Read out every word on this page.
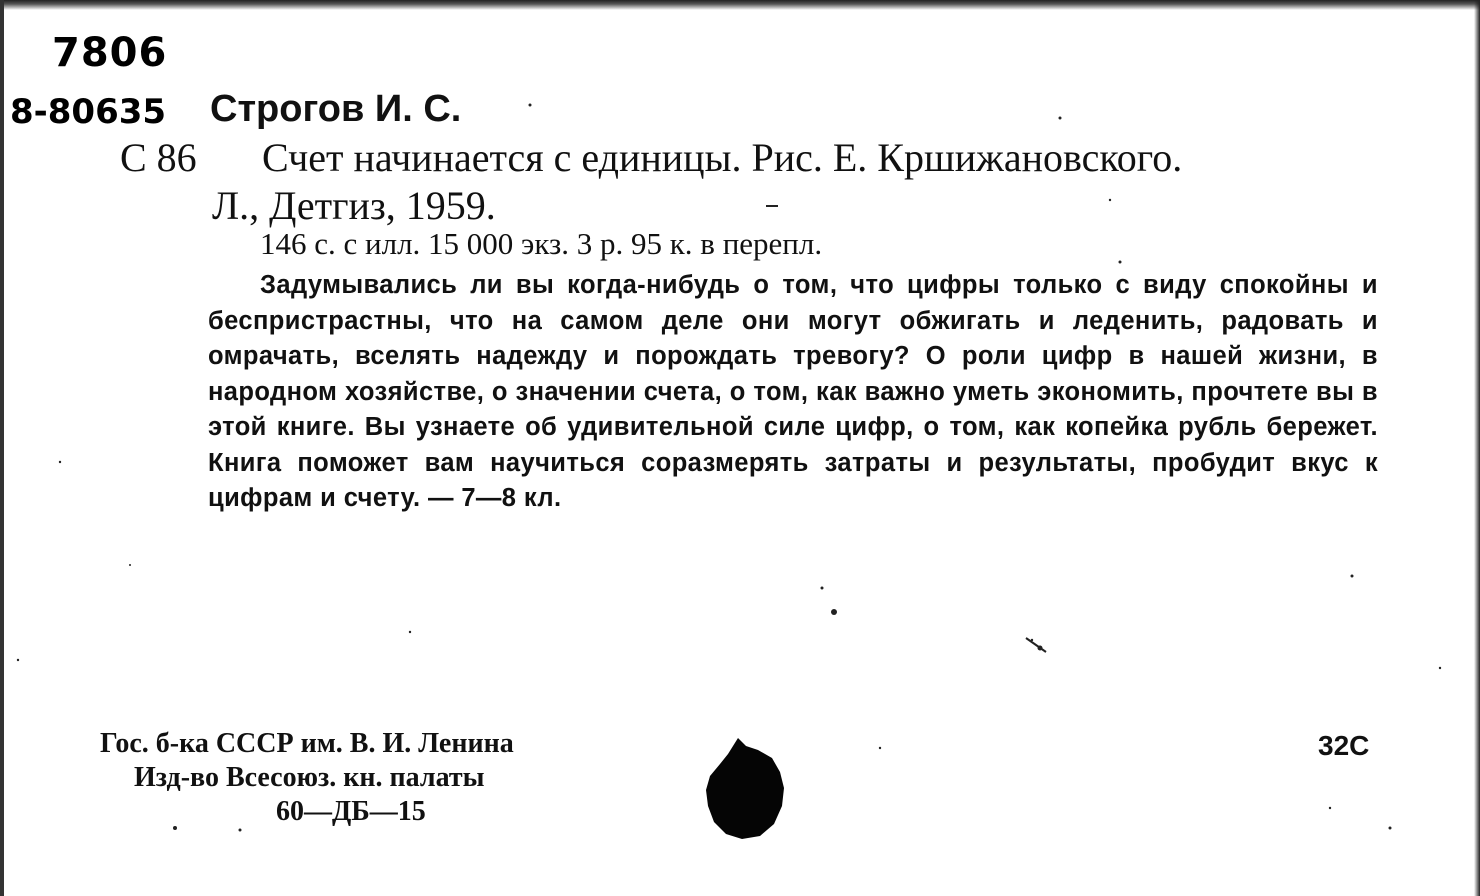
7806
8-80635 Строгов И. С.
С 86 Счет начинается с единицы. Рис. Е. Кршижановского.
Л., Детгиз, 1959.
146 с. с илл. 15 000 экз. 3 р. 95 к. в перепл.
Задумывались ли вы когда-нибудь о том, что цифры только с виду спокойны и беспристрастны, что на самом деле они могут обжигать и леденить, радовать и омрачать, вселять надежду и порождать тревогу? О роли цифр в нашей жизни, в народном хозяйстве, о значении счета, о том, как важно уметь экономить, прочтете вы в этой книге. Вы узнаете об удивительной силе цифр, о том, как копейка рубль бережет. Книга поможет вам научиться соразмерять затраты и результаты, пробудит вкус к цифрам и счету. — 7—8 кл.
Гос. б-ка СССР им. В. И. Ленина
Изд-во Всесоюз. кн. палаты
60—ДБ—15
32С
